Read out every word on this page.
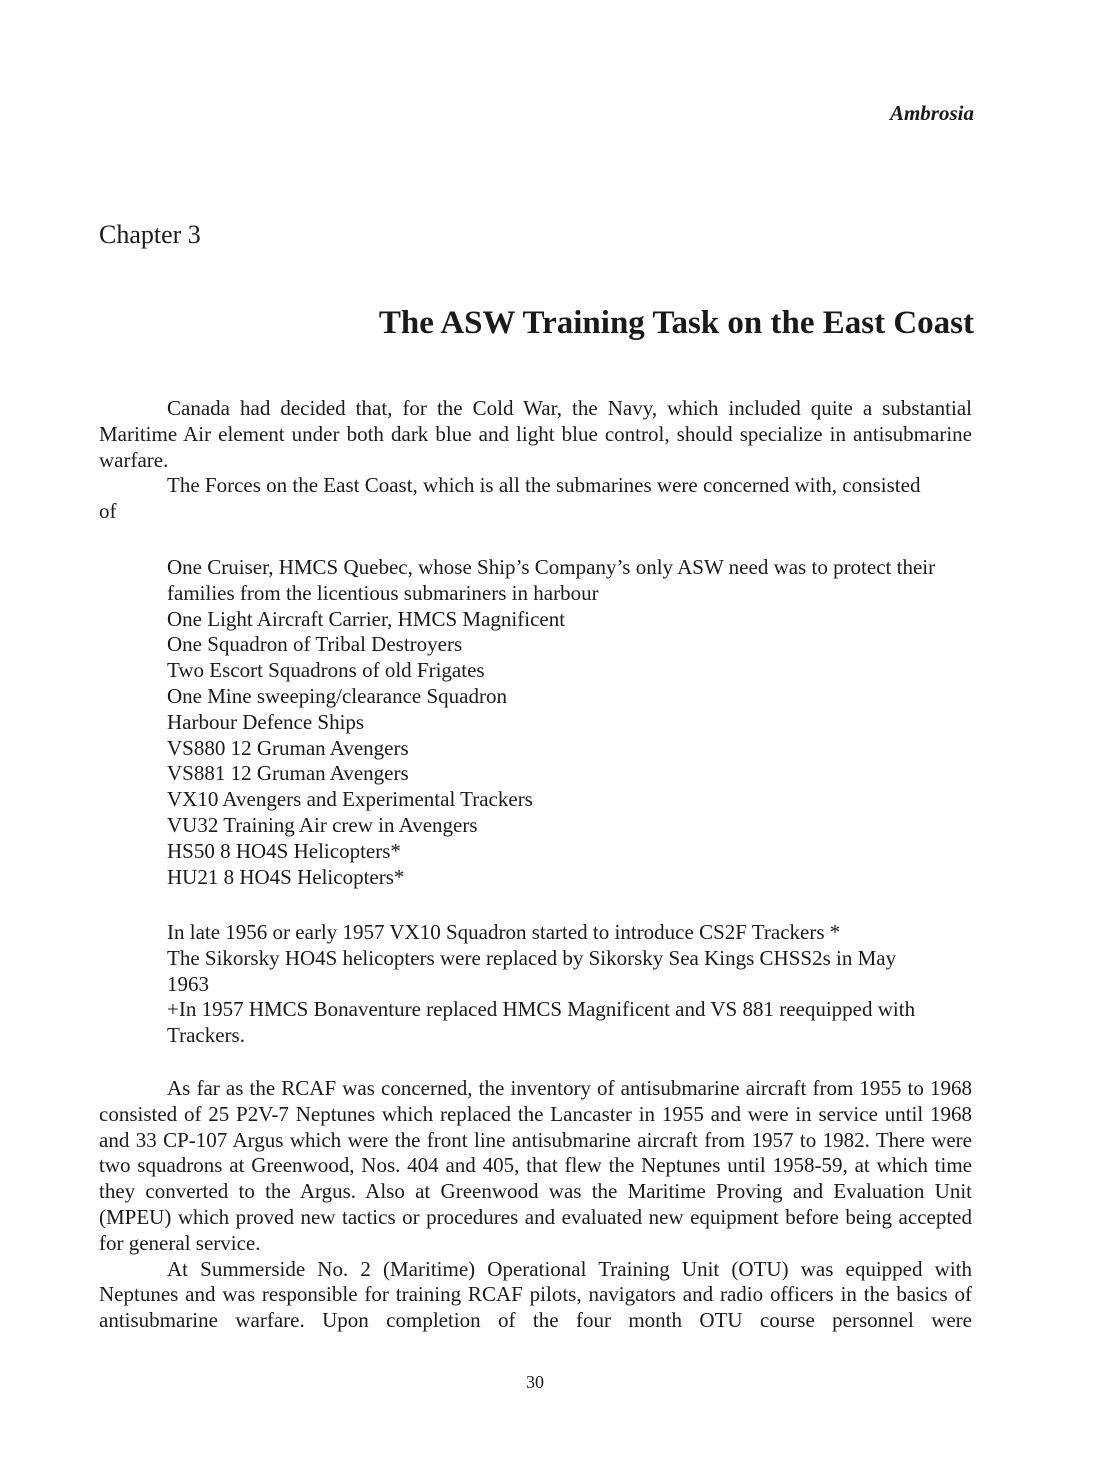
Ambrosia
Chapter 3
The ASW Training Task on the East Coast

Canada had decided that, for the Cold War, the Navy, which included quite a substantial Maritime Air element under both dark blue and light blue control, should specialize in antisubmarine warfare.

The Forces on the East Coast, which is all the submarines were concerned with, consisted of

One Cruiser, HMCS Quebec, whose Ship’s Company’s only ASW need was to protect their families from the licentious submariners in harbour
One Light Aircraft Carrier, HMCS Magnificent
One Squadron of Tribal Destroyers
Two Escort Squadrons of old Frigates
One Mine sweeping/clearance Squadron
Harbour Defence Ships
VS880 12 Gruman Avengers
VS881 12 Gruman Avengers
VX10 Avengers and Experimental Trackers
VU32 Training Air crew in Avengers
HS50 8 HO4S Helicopters*
HU21 8 HO4S Helicopters*
In late 1956 or early 1957 VX10 Squadron started to introduce CS2F Trackers *
The Sikorsky HO4S helicopters were replaced by Sikorsky Sea Kings CHSS2s in May 1963
+In 1957 HMCS Bonaventure replaced HMCS Magnificent and VS 881 reequipped with Trackers.

As far as the RCAF was concerned, the inventory of antisubmarine aircraft from 1955 to 1968 consisted of 25 P2V-7 Neptunes which replaced the Lancaster in 1955 and were in service until 1968 and 33 CP-107 Argus which were the front line antisubmarine aircraft from 1957 to 1982. There were two squadrons at Greenwood, Nos. 404 and 405, that flew the Neptunes until 1958-59, at which time they converted to the Argus. Also at Greenwood was the Maritime Proving and Evaluation Unit (MPEU) which proved new tactics or procedures and evaluated new equipment before being accepted for general service.

At Summerside No. 2 (Maritime) Operational Training Unit (OTU) was equipped with Neptunes and was responsible for training RCAF pilots, navigators and radio officers in the basics of antisubmarine warfare. Upon completion of the four month OTU course personnel were

30
